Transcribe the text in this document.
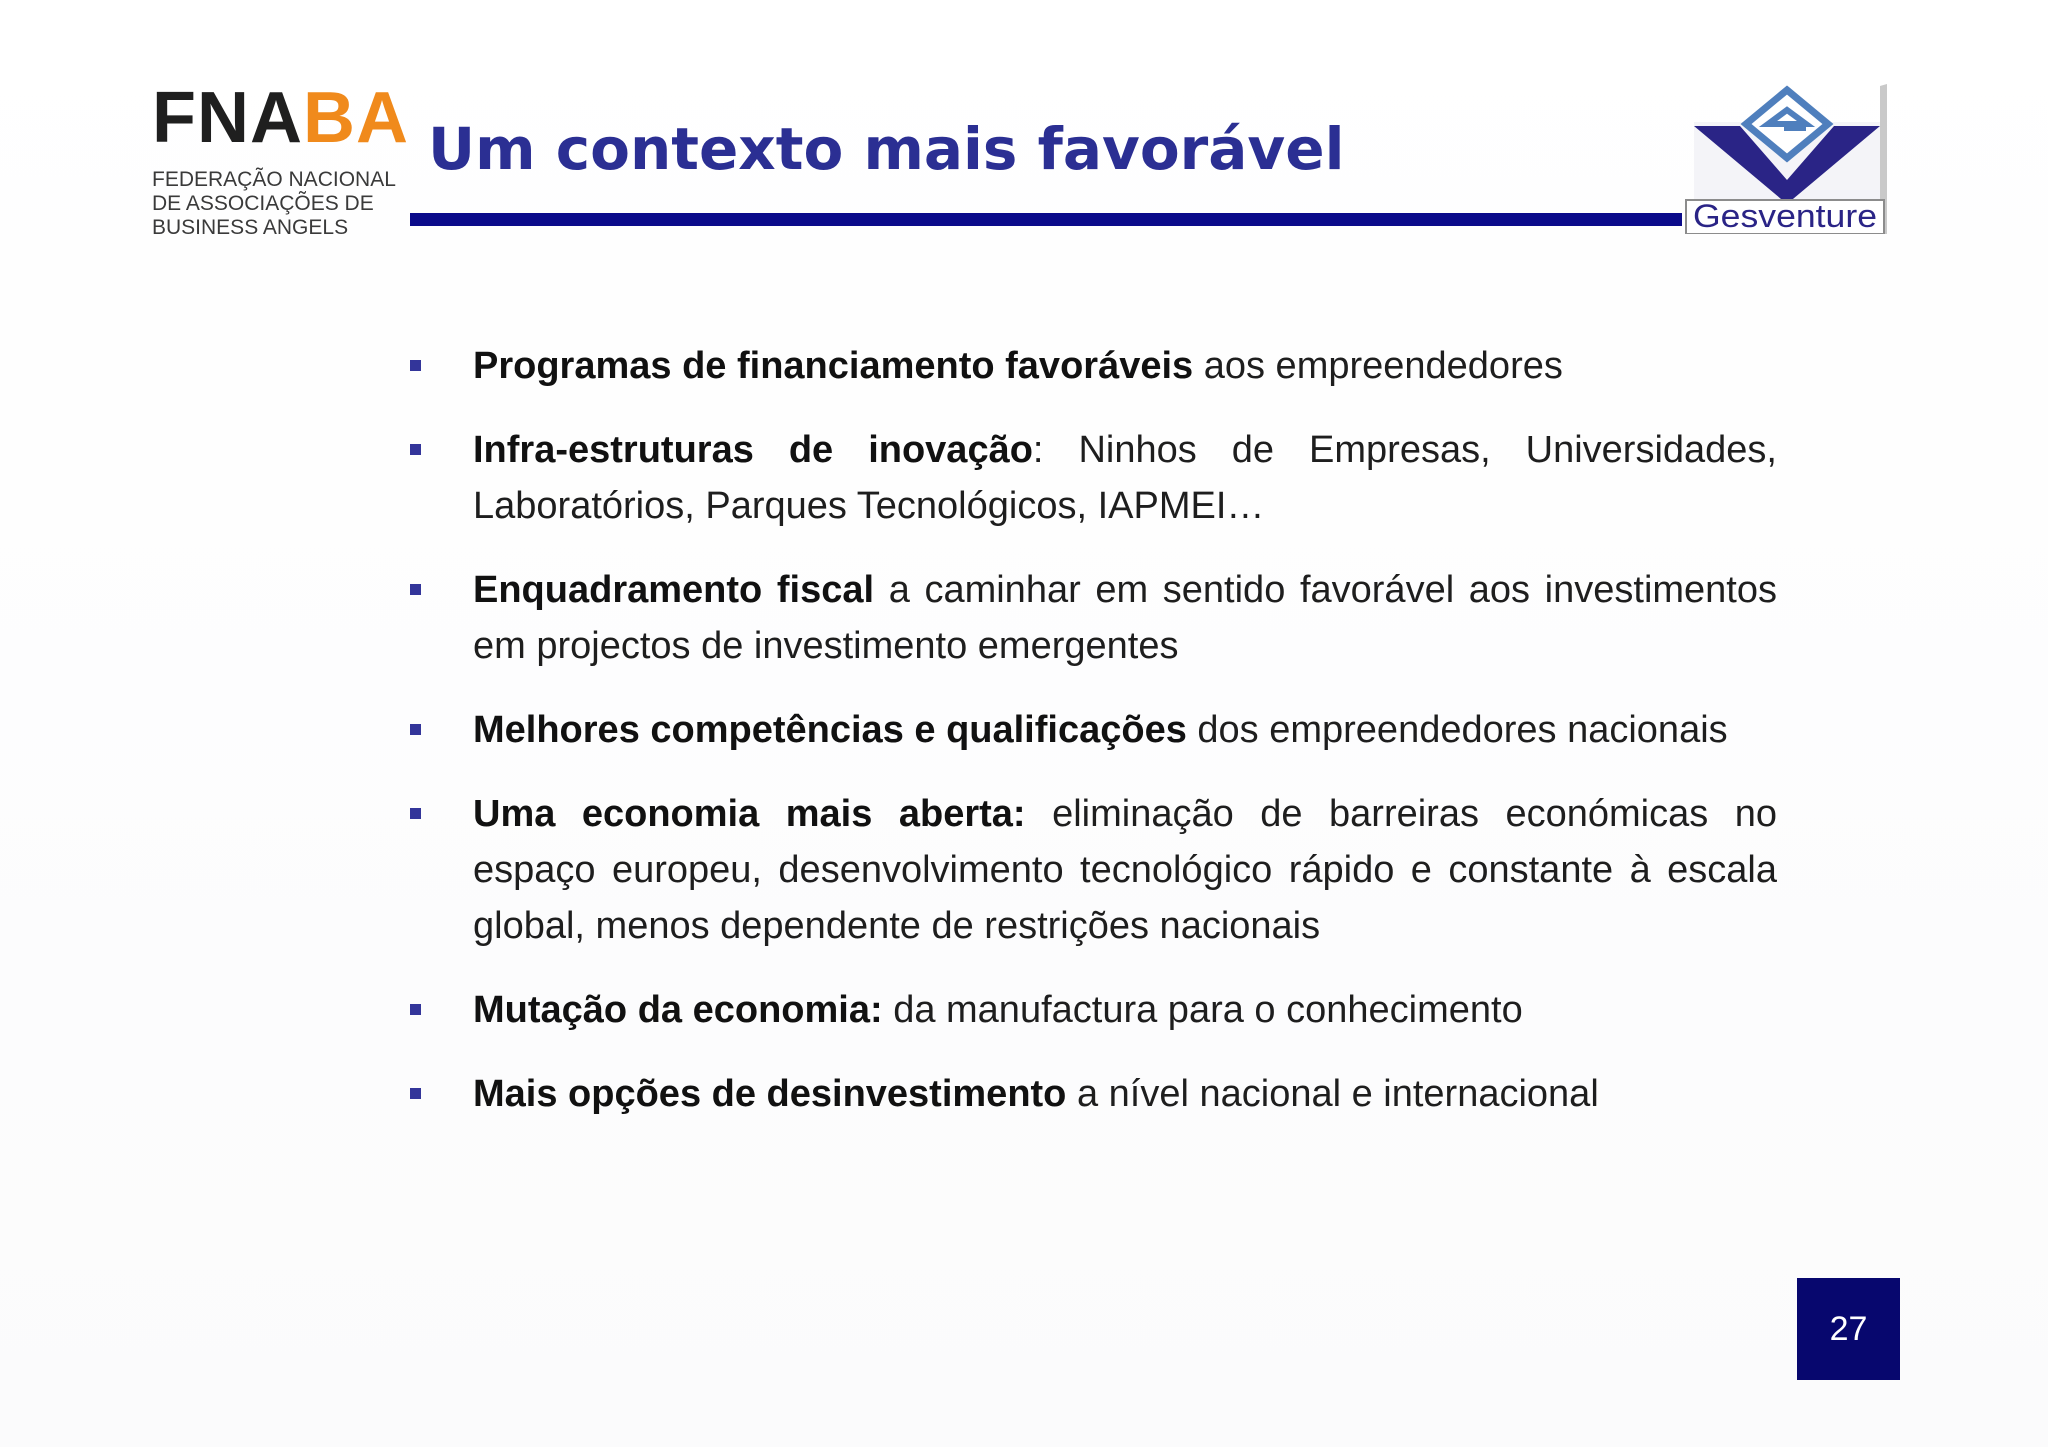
FNABA
FEDERAÇÃO NACIONAL
DE ASSOCIAÇÕES DE
BUSINESS ANGELS
Um contexto mais favorável
Gesventure
Programas de financiamento favoráveis aos empreendedores
Infra-estruturas de inovação: Ninhos de Empresas, Universidades, Laboratórios, Parques Tecnológicos, IAPMEI…
Enquadramento fiscal a caminhar em sentido favorável aos investimentos em projectos de investimento emergentes
Melhores competências e qualificações dos empreendedores nacionais
Uma economia mais aberta: eliminação de barreiras económicas no espaço europeu, desenvolvimento tecnológico rápido e constante à escala global, menos dependente de restrições nacionais
Mutação da economia: da manufactura para o conhecimento
Mais opções de desinvestimento a nível nacional e internacional
27
